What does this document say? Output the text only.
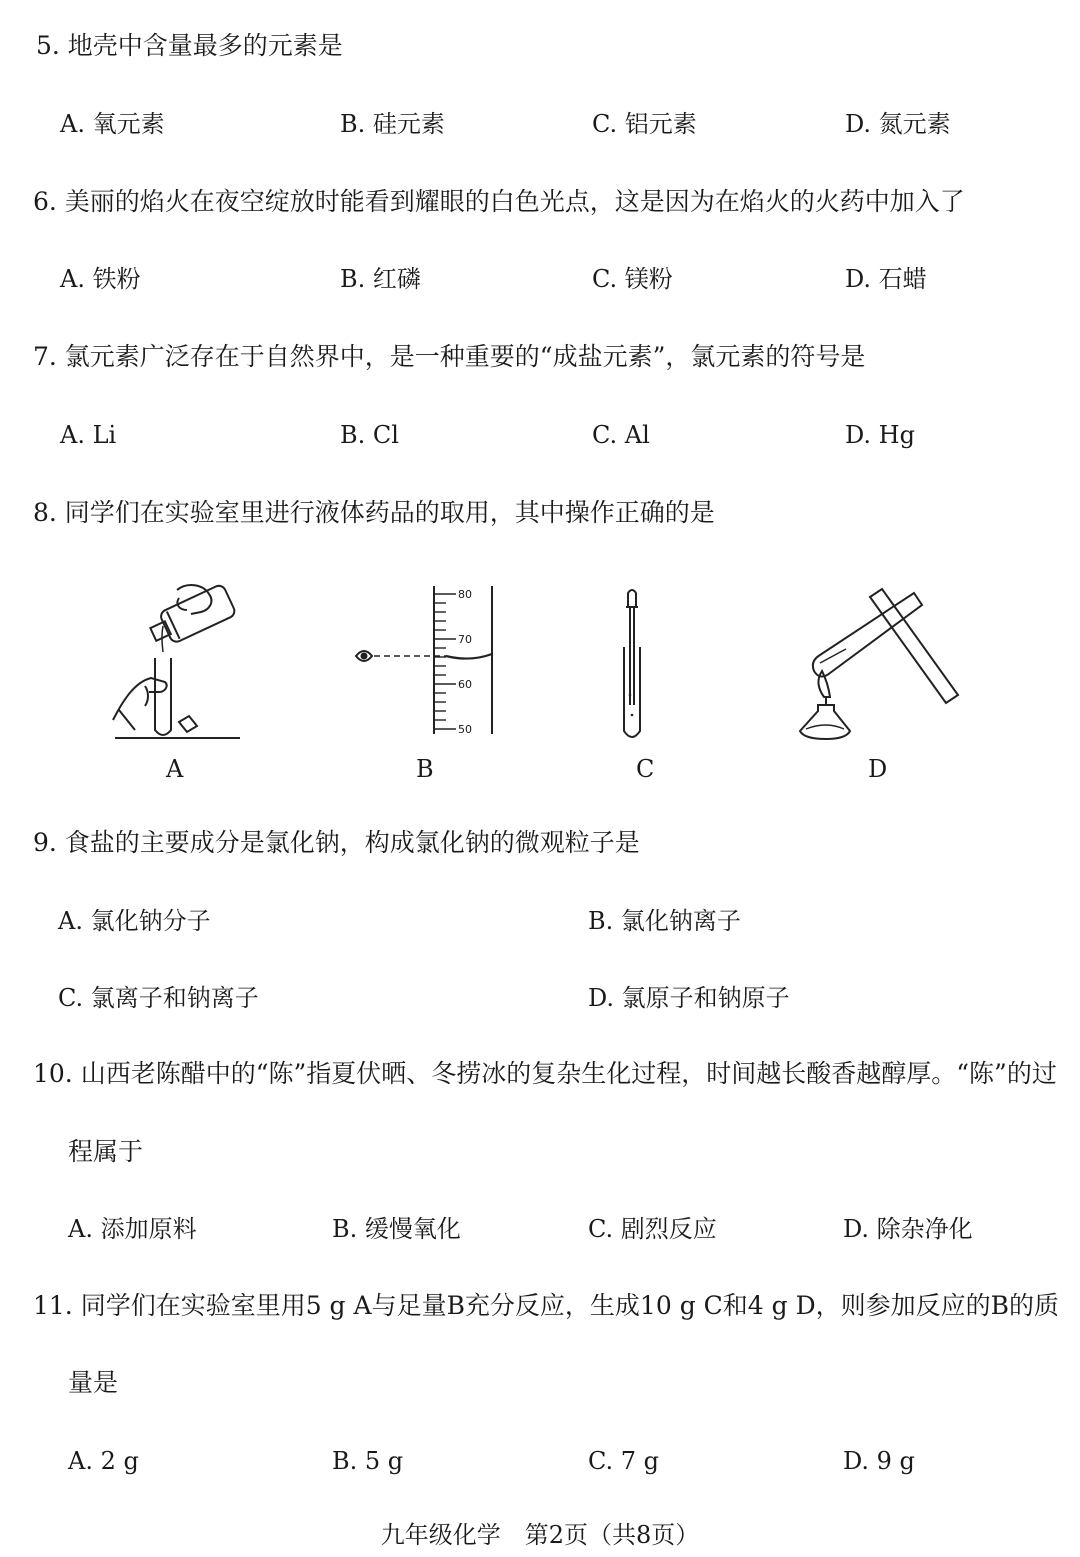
5. 地壳中含量最多的元素是
A. 氧元素	B. 硅元素	C. 铝元素	D. 氮元素
6. 美丽的焰火在夜空绽放时能看到耀眼的白色光点，这是因为在焰火的火药中加入了
A. 铁粉	B. 红磷	C. 镁粉	D. 石蜡
7. 氯元素广泛存在于自然界中，是一种重要的“成盐元素”，氯元素的符号是
A. Li	B. Cl	C. Al	D. Hg
8. 同学们在实验室里进行液体药品的取用，其中操作正确的是
A
80
70
60
50
B	C	D
9. 食盐的主要成分是氯化钠，构成氯化钠的微观粒子是
A. 氯化钠分子	B. 氯化钠离子
C. 氯离子和钠离子	D. 氯原子和钠原子
10. 山西老陈醋中的“陈”指夏伏晒、冬捞冰的复杂生化过程，时间越长酸香越醇厚。“陈”的过
程属于
A. 添加原料	B. 缓慢氧化	C. 剧烈反应	D. 除杂净化
11. 同学们在实验室里用5 g A与足量B充分反应，生成10 g C和4 g D，则参加反应的B的质
量是
A. 2 g	B. 5 g	C. 7 g	D. 9 g
九年级化学　第2页（共8页）
